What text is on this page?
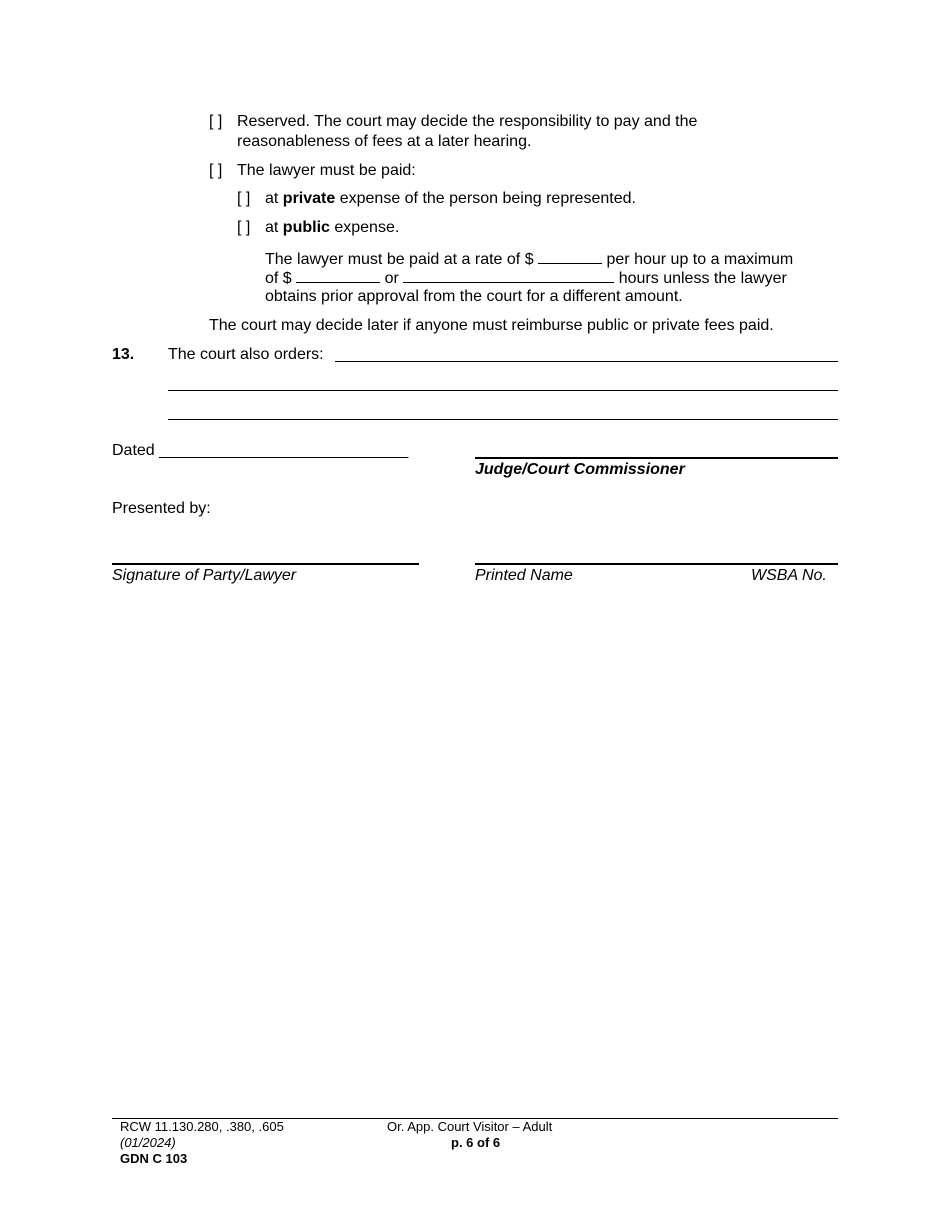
[ ] Reserved. The court may decide the responsibility to pay and the
reasonableness of fees at a later hearing.
[ ] The lawyer must be paid:
[ ] at private expense of the person being represented.
[ ] at public expense.
The lawyer must be paid at a rate of $	per hour up to a maximum
of $	or	hours unless the lawyer
obtains prior approval from the court for a different amount.
The court may decide later if anyone must reimburse public or private fees paid.
13. The court also orders:
Dated ____________________________
Judge/Court Commissioner
Presented by:
Signature of Party/Lawyer	Printed Name	WSBA No.
RCW 11.130.280, .380, .605
(01/2024)
GDN C 103
Or. App. Court Visitor – Adult
p. 6 of 6
